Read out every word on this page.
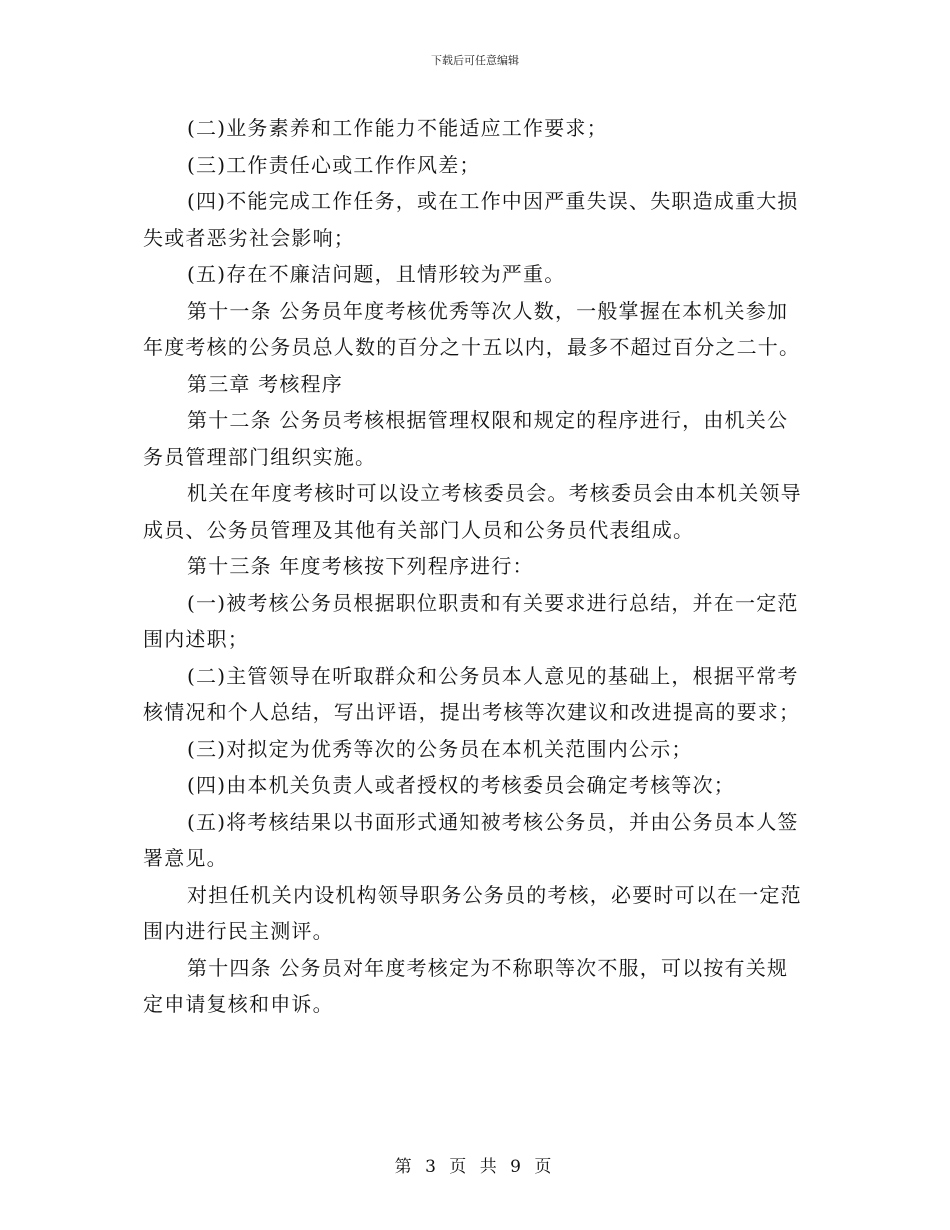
下载后可任意编辑

(二)业务素养和工作能力不能适应工作要求；

(三)工作责任心或工作作风差；

(四)不能完成工作任务，或在工作中因严重失误、失职造成重大损失或者恶劣社会影响；

(五)存在不廉洁问题，且情形较为严重。

第十一条 公务员年度考核优秀等次人数，一般掌握在本机关参加年度考核的公务员总人数的百分之十五以内，最多不超过百分之二十。

第三章 考核程序

第十二条 公务员考核根据管理权限和规定的程序进行，由机关公务员管理部门组织实施。

机关在年度考核时可以设立考核委员会。考核委员会由本机关领导成员、公务员管理及其他有关部门人员和公务员代表组成。

第十三条 年度考核按下列程序进行：

(一)被考核公务员根据职位职责和有关要求进行总结，并在一定范围内述职；

(二)主管领导在听取群众和公务员本人意见的基础上，根据平常考核情况和个人总结，写出评语，提出考核等次建议和改进提高的要求；

(三)对拟定为优秀等次的公务员在本机关范围内公示；

(四)由本机关负责人或者授权的考核委员会确定考核等次；

(五)将考核结果以书面形式通知被考核公务员，并由公务员本人签署意见。

对担任机关内设机构领导职务公务员的考核，必要时可以在一定范围内进行民主测评。

第十四条 公务员对年度考核定为不称职等次不服，可以按有关规定申请复核和申诉。

第 3 页 共 9 页
